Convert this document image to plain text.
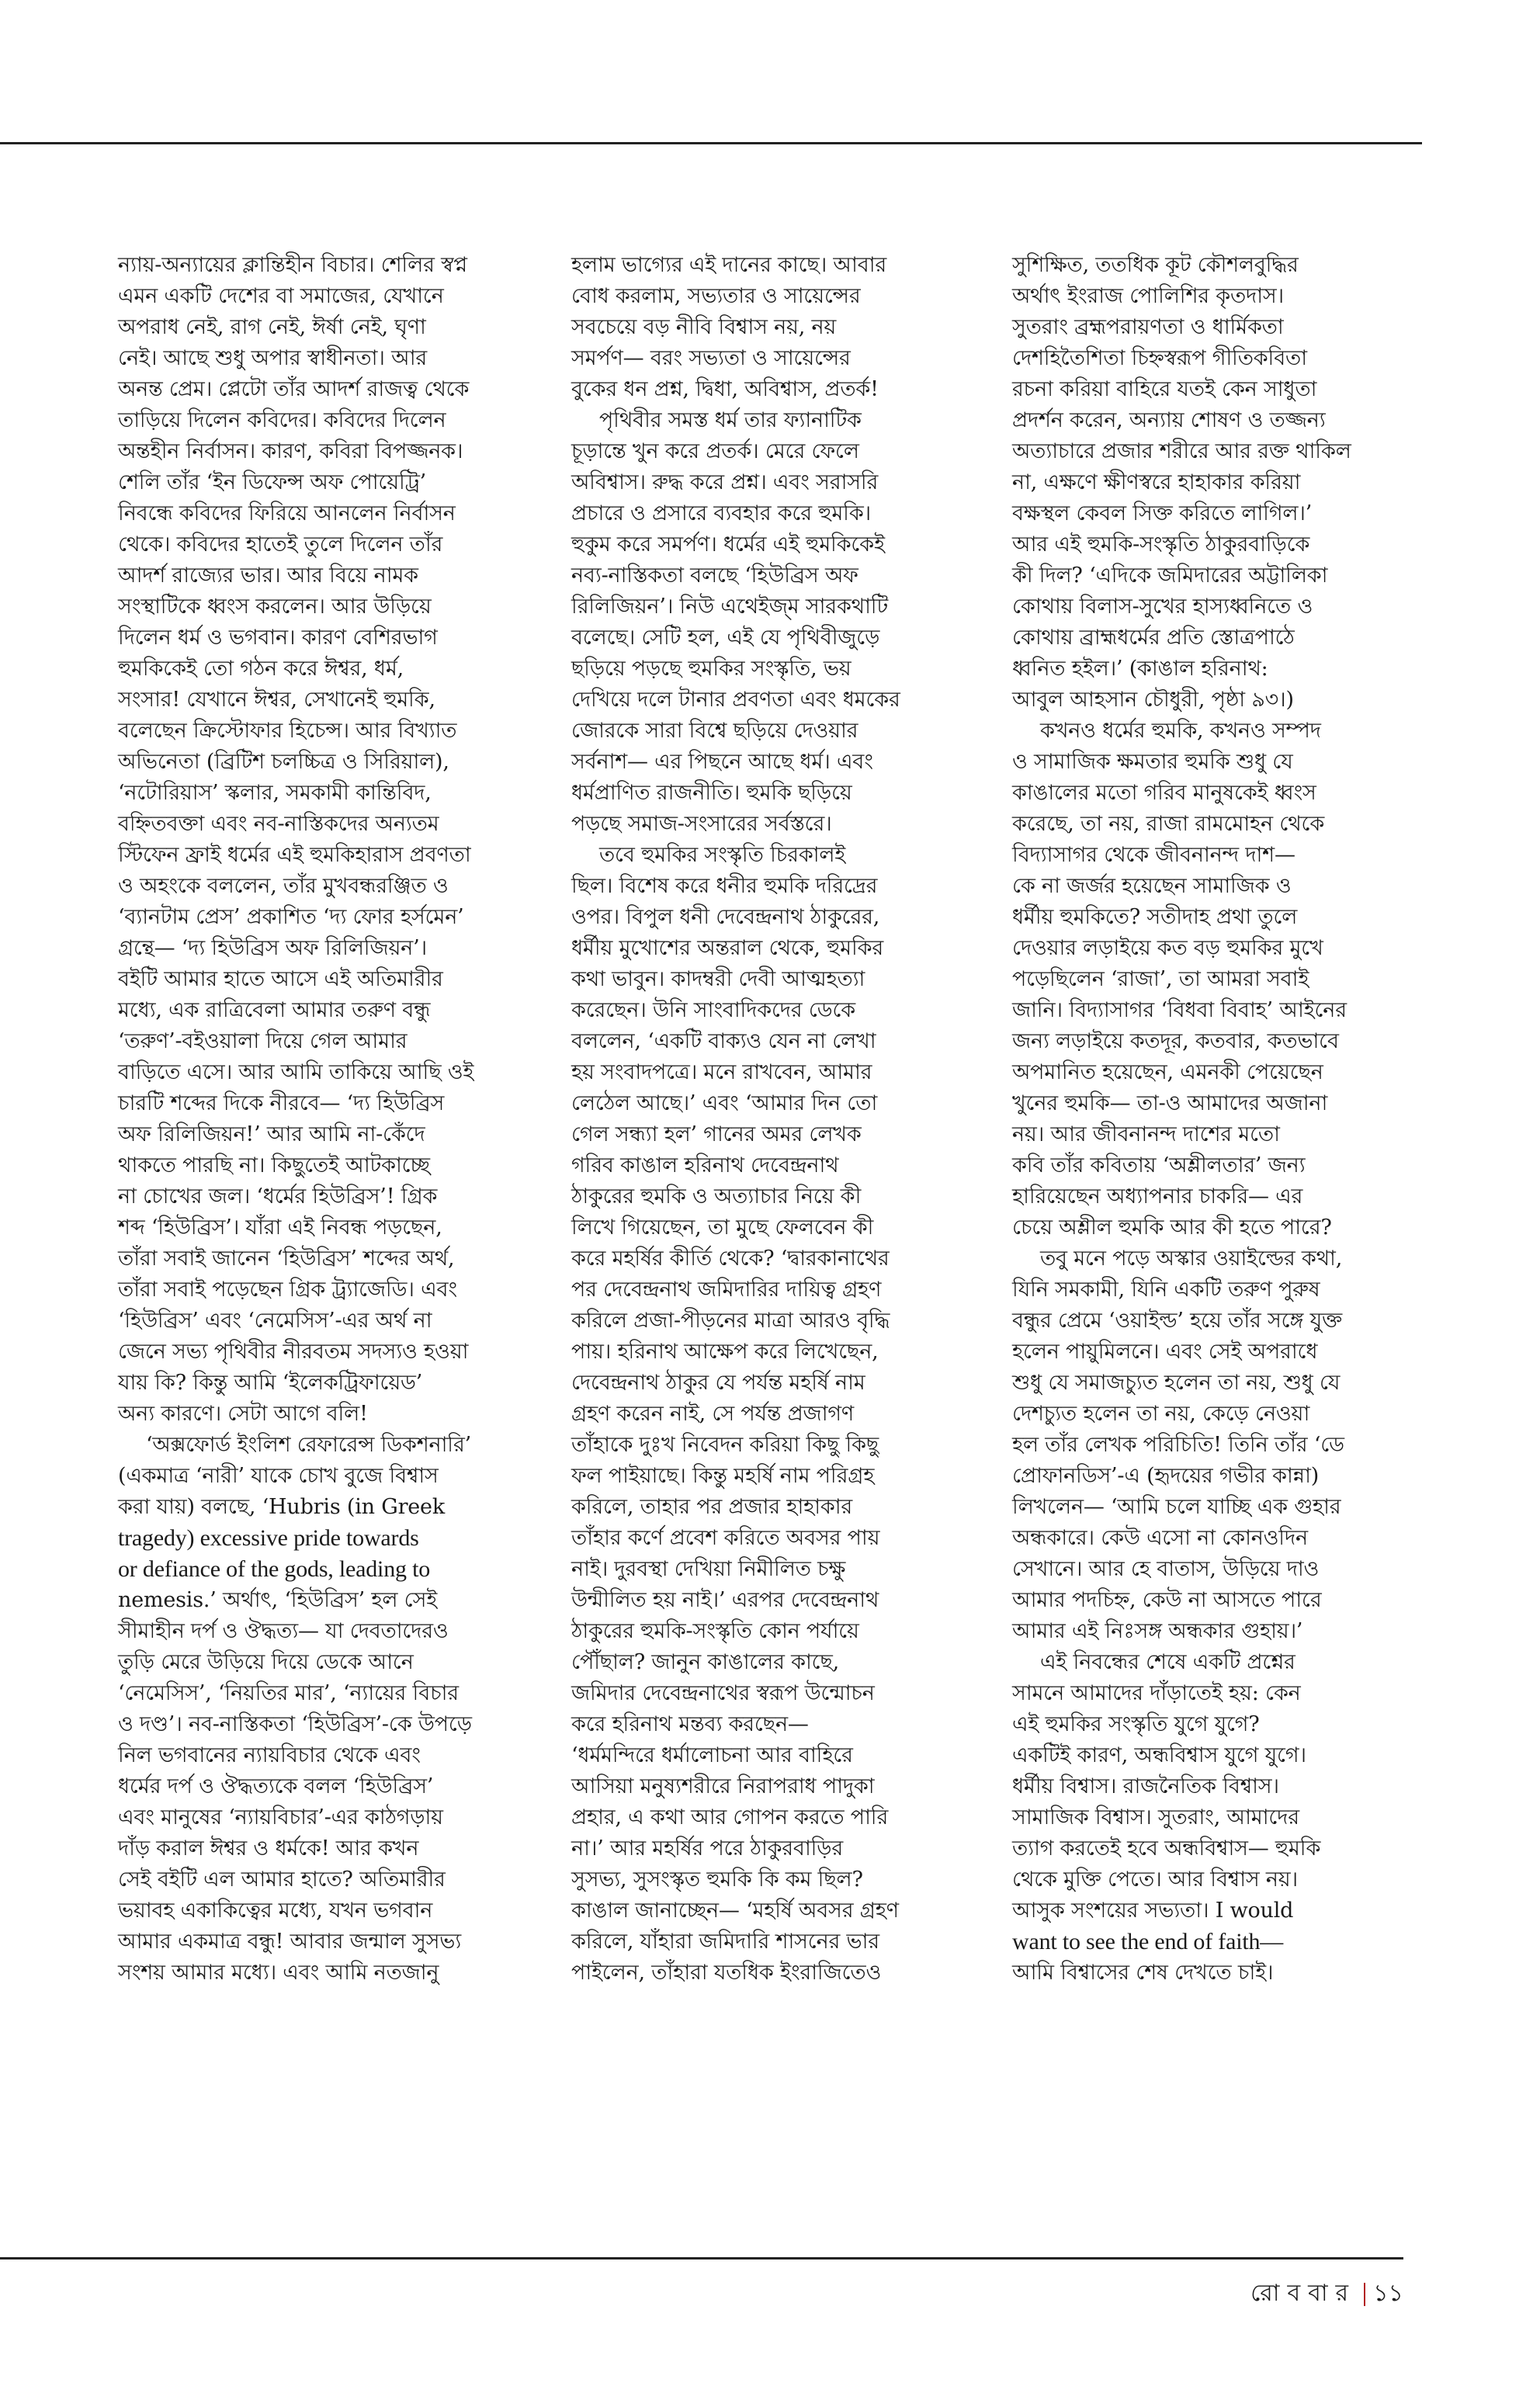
ন্যায়-অন্যায়ের ক্লান্তিহীন বিচার। শেলির স্বপ্ন
এমন একটি দেশের বা সমাজের, যেখানে
অপরাধ নেই, রাগ নেই, ঈর্ষা নেই, ঘৃণা
নেই। আছে শুধু অপার স্বাধীনতা। আর
অনন্ত প্রেম। প্লেটো তাঁর আদর্শ রাজত্ব থেকে
তাড়িয়ে দিলেন কবিদের। কবিদের দিলেন
অন্তহীন নির্বাসন। কারণ, কবিরা বিপজ্জনক।
শেলি তাঁর ‘ইন ডিফেন্স অফ পোয়েট্রি’
নিবন্ধে কবিদের ফিরিয়ে আনলেন নির্বাসন
থেকে। কবিদের হাতেই তুলে দিলেন তাঁর
আদর্শ রাজ্যের ভার। আর বিয়ে নামক
সংস্থাটিকে ধ্বংস করলেন। আর উড়িয়ে
দিলেন ধর্ম ও ভগবান। কারণ বেশিরভাগ
হুমকিকেই তো গঠন করে ঈশ্বর, ধর্ম,
সংসার! যেখানে ঈশ্বর, সেখানেই হুমকি,
বলেছেন ক্রিস্টোফার হিচেন্স। আর বিখ্যাত
অভিনেতা (ব্রিটিশ চলচ্চিত্র ও সিরিয়াল),
‘নটোরিয়াস’ স্কলার, সমকামী কান্তিবিদ,
বহ্নিতবক্তা এবং নব-নাস্তিকদের অন্যতম
স্টিফেন ফ্রাই ধর্মের এই হুমকিহারাস প্রবণতা
ও অহংকে বললেন, তাঁর মুখবন্ধরঞ্জিত ও
‘ব্যানটাম প্রেস’ প্রকাশিত ‘দ্য ফোর হর্সমেন’
গ্রন্থে— ‘দ্য হিউব্রিস অফ রিলিজিয়ন’।
বইটি আমার হাতে আসে এই অতিমারীর
মধ্যে, এক রাত্রিবেলা আমার তরুণ বন্ধু
‘তরুণ’-বইওয়ালা দিয়ে গেল আমার
বাড়িতে এসে। আর আমি তাকিয়ে আছি ওই
চারটি শব্দের দিকে নীরবে— ‘দ্য হিউব্রিস
অফ রিলিজিয়ন!’ আর আমি না-কেঁদে
থাকতে পারছি না। কিছুতেই আটকাচ্ছে
না চোখের জল। ‘ধর্মের হিউব্রিস’! গ্রিক
শব্দ ‘হিউব্রিস’। যাঁরা এই নিবন্ধ পড়ছেন,
তাঁরা সবাই জানেন ‘হিউব্রিস’ শব্দের অর্থ,
তাঁরা সবাই পড়েছেন গ্রিক ট্র্যাজেডি। এবং
‘হিউব্রিস’ এবং ‘নেমেসিস’-এর অর্থ না
জেনে সভ্য পৃথিবীর নীরবতম সদস্যও হওয়া
যায় কি? কিন্তু আমি ‘ইলেকট্রিফায়েড’
অন্য কারণে। সেটা আগে বলি!
‘অক্সফোর্ড ইংলিশ রেফারেন্স ডিকশনারি’
(একমাত্র ‘নারী’ যাকে চোখ বুজে বিশ্বাস
করা যায়) বলছে, ‘Hubris (in Greek
tragedy) excessive pride towards
or defiance of the gods, leading to
nemesis.’ অর্থাৎ, ‘হিউব্রিস’ হল সেই
সীমাহীন দর্প ও ঔদ্ধত্য— যা দেবতাদেরও
তুড়ি মেরে উড়িয়ে দিয়ে ডেকে আনে
‘নেমেসিস’, ‘নিয়তির মার’, ‘ন্যায়ের বিচার
ও দণ্ড’। নব-নাস্তিকতা ‘হিউব্রিস’-কে উপড়ে
নিল ভগবানের ন্যায়বিচার থেকে এবং
ধর্মের দর্প ও ঔদ্ধত্যকে বলল ‘হিউব্রিস’
এবং মানুষের ‘ন্যায়বিচার’-এর কাঠগড়ায়
দাঁড় করাল ঈশ্বর ও ধর্মকে! আর কখন
সেই বইটি এল আমার হাতে? অতিমারীর
ভয়াবহ একাকিত্বের মধ্যে, যখন ভগবান
আমার একমাত্র বন্ধু! আবার জন্মাল সুসভ্য
সংশয় আমার মধ্যে। এবং আমি নতজানু
হলাম ভাগ্যের এই দানের কাছে। আবার
বোধ করলাম, সভ্যতার ও সায়েন্সের
সবচেয়ে বড় নীবি বিশ্বাস নয়, নয়
সমর্পণ— বরং সভ্যতা ও সায়েন্সের
বুকের ধন প্রশ্ন, দ্বিধা, অবিশ্বাস, প্রতর্ক!
পৃথিবীর সমস্ত ধর্ম তার ফ্যানাটিক
চূড়ান্তে খুন করে প্রতর্ক। মেরে ফেলে
অবিশ্বাস। রুদ্ধ করে প্রশ্ন। এবং সরাসরি
প্রচারে ও প্রসারে ব্যবহার করে হুমকি।
হুকুম করে সমর্পণ। ধর্মের এই হুমকিকেই
নব্য-নাস্তিকতা বলছে ‘হিউব্রিস অফ
রিলিজিয়ন’। নিউ এথেইজ্‌ম সারকথাটি
বলেছে। সেটি হল, এই যে পৃথিবীজুড়ে
ছড়িয়ে পড়ছে হুমকির সংস্কৃতি, ভয়
দেখিয়ে দলে টানার প্রবণতা এবং ধমকের
জোরকে সারা বিশ্বে ছড়িয়ে দেওয়ার
সর্বনাশ— এর পিছনে আছে ধর্ম। এবং
ধর্মপ্রাণিত রাজনীতি। হুমকি ছড়িয়ে
পড়ছে সমাজ-সংসারের সর্বস্তরে।
তবে হুমকির সংস্কৃতি চিরকালই
ছিল। বিশেষ করে ধনীর হুমকি দরিদ্রের
ওপর। বিপুল ধনী দেবেন্দ্রনাথ ঠাকুরের,
ধর্মীয় মুখোশের অন্তরাল থেকে, হুমকির
কথা ভাবুন। কাদম্বরী দেবী আত্মহত্যা
করেছেন। উনি সাংবাদিকদের ডেকে
বললেন, ‘একটি বাক্যও যেন না লেখা
হয় সংবাদপত্রে। মনে রাখবেন, আমার
লেঠেল আছে।’ এবং ‘আমার দিন তো
গেল সন্ধ্যা হল’ গানের অমর লেখক
গরিব কাঙাল হরিনাথ দেবেন্দ্রনাথ
ঠাকুরের হুমকি ও অত্যাচার নিয়ে কী
লিখে গিয়েছেন, তা মুছে ফেলবেন কী
করে মহর্ষির কীর্তি থেকে? ‘দ্বারকানাথের
পর দেবেন্দ্রনাথ জমিদারির দায়িত্ব গ্রহণ
করিলে প্রজা-পীড়নের মাত্রা আরও বৃদ্ধি
পায়। হরিনাথ আক্ষেপ করে লিখেছেন,
দেবেন্দ্রনাথ ঠাকুর যে পর্যন্ত মহর্ষি নাম
গ্রহণ করেন নাই, সে পর্যন্ত প্রজাগণ
তাঁহাকে দুঃখ নিবেদন করিয়া কিছু কিছু
ফল পাইয়াছে। কিন্তু মহর্ষি নাম পরিগ্রহ
করিলে, তাহার পর প্রজার হাহাকার
তাঁহার কর্ণে প্রবেশ করিতে অবসর পায়
নাই। দুরবস্থা দেখিয়া নিমীলিত চক্ষু
উন্মীলিত হয় নাই।’ এরপর দেবেন্দ্রনাথ
ঠাকুরের হুমকি-সংস্কৃতি কোন পর্যায়ে
পৌঁছাল? জানুন কাঙালের কাছে,
জমিদার দেবেন্দ্রনাথের স্বরূপ উন্মোচন
করে হরিনাথ মন্তব্য করছেন—
‘ধর্মমন্দিরে ধর্মালোচনা আর বাহিরে
আসিয়া মনুষ্যশরীরে নিরাপরাধ পাদুকা
প্রহার, এ কথা আর গোপন করতে পারি
না।’ আর মহর্ষির পরে ঠাকুরবাড়ির
সুসভ্য, সুসংস্কৃত হুমকি কি কম ছিল?
কাঙাল জানাচ্ছেন— ‘মহর্ষি অবসর গ্রহণ
করিলে, যাঁহারা জমিদারি শাসনের ভার
পাইলেন, তাঁহারা যতধিক ইংরাজিতেও
সুশিক্ষিত, ততধিক কূট কৌশলবুদ্ধির
অর্থাৎ ইংরাজ পোলিশির কৃতদাস।
সুতরাং ব্রহ্মপরায়ণতা ও ধার্মিকতা
দেশহিতৈশিতা চিহ্নস্বরূপ গীতিকবিতা
রচনা করিয়া বাহিরে যতই কেন সাধুতা
প্রদর্শন করেন, অন্যায় শোষণ ও তজ্জন্য
অত্যাচারে প্রজার শরীরে আর রক্ত থাকিল
না, এক্ষণে ক্ষীণস্বরে হাহাকার করিয়া
বক্ষস্থল কেবল সিক্ত করিতে লাগিল।’
আর এই হুমকি-সংস্কৃতি ঠাকুরবাড়িকে
কী দিল? ‘এদিকে জমিদারের অট্টালিকা
কোথায় বিলাস-সুখের হাস্যধ্বনিতে ও
কোথায় ব্রাহ্মধর্মের প্রতি স্তোত্রপাঠে
ধ্বনিত হইল।’ (কাঙাল হরিনাথ:
আবুল আহসান চৌধুরী, পৃষ্ঠা ৯৩।)
কখনও ধর্মের হুমকি, কখনও সম্পদ
ও সামাজিক ক্ষমতার হুমকি শুধু যে
কাঙালের মতো গরিব মানুষকেই ধ্বংস
করেছে, তা নয়, রাজা রামমোহন থেকে
বিদ্যাসাগর থেকে জীবনানন্দ দাশ—
কে না জর্জর হয়েছেন সামাজিক ও
ধর্মীয় হুমকিতে? সতীদাহ প্রথা তুলে
দেওয়ার লড়াইয়ে কত বড় হুমকির মুখে
পড়েছিলেন ‘রাজা’, তা আমরা সবাই
জানি। বিদ্যাসাগর ‘বিধবা বিবাহ’ আইনের
জন্য লড়াইয়ে কতদূর, কতবার, কতভাবে
অপমানিত হয়েছেন, এমনকী পেয়েছেন
খুনের হুমকি— তা-ও আমাদের অজানা
নয়। আর জীবনানন্দ দাশের মতো
কবি তাঁর কবিতায় ‘অশ্লীলতার’ জন্য
হারিয়েছেন অধ্যাপনার চাকরি— এর
চেয়ে অশ্লীল হুমকি আর কী হতে পারে?
তবু মনে পড়ে অস্কার ওয়াইল্ডের কথা,
যিনি সমকামী, যিনি একটি তরুণ পুরুষ
বন্ধুর প্রেমে ‘ওয়াইল্ড’ হয়ে তাঁর সঙ্গে যুক্ত
হলেন পায়ুমিলনে। এবং সেই অপরাধে
শুধু যে সমাজচ্যুত হলেন তা নয়, শুধু যে
দেশচ্যুত হলেন তা নয়, কেড়ে নেওয়া
হল তাঁর লেখক পরিচিতি! তিনি তাঁর ‘ডে
প্রোফানডিস’-এ (হৃদয়ের গভীর কান্না)
লিখলেন— ‘আমি চলে যাচ্ছি এক গুহার
অন্ধকারে। কেউ এসো না কোনওদিন
সেখানে। আর হে বাতাস, উড়িয়ে দাও
আমার পদচিহ্ন, কেউ না আসতে পারে
আমার এই নিঃসঙ্গ অন্ধকার গুহায়।’
এই নিবন্ধের শেষে একটি প্রশ্নের
সামনে আমাদের দাঁড়াতেই হয়: কেন
এই হুমকির সংস্কৃতি যুগে যুগে?
একটিই কারণ, অন্ধবিশ্বাস যুগে যুগে।
ধর্মীয় বিশ্বাস। রাজনৈতিক বিশ্বাস।
সামাজিক বিশ্বাস। সুতরাং, আমাদের
ত্যাগ করতেই হবে অন্ধবিশ্বাস— হুমকি
থেকে মুক্তি পেতে। আর বিশ্বাস নয়।
আসুক সংশয়ের সভ্যতা। I would
want to see the end of faith—
আমি বিশ্বাসের শেষ দেখতে চাই।
রোববার ১১
